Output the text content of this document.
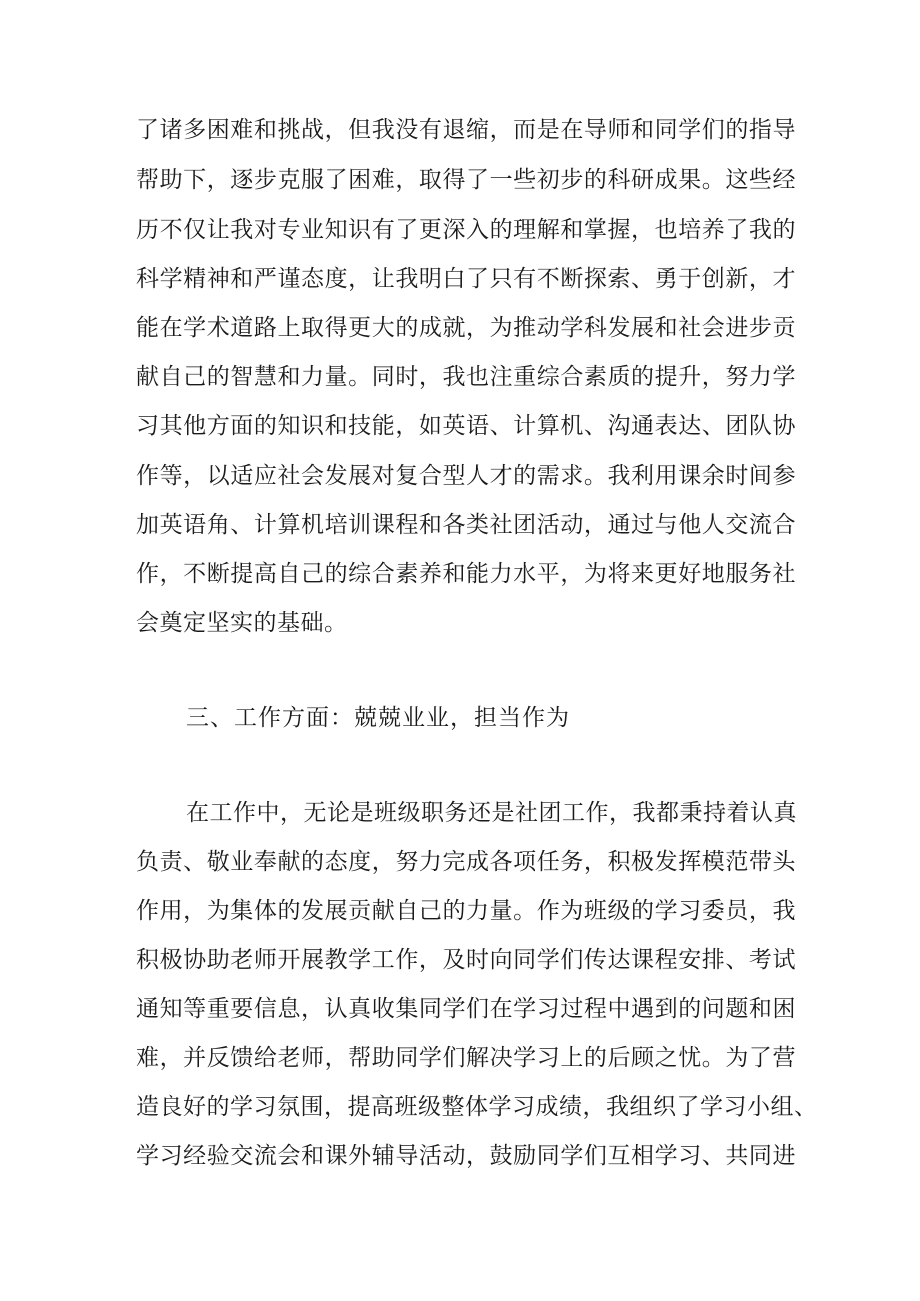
了诸多困难和挑战，但我没有退缩，而是在导师和同学们的指导
帮助下，逐步克服了困难，取得了一些初步的科研成果。这些经
历不仅让我对专业知识有了更深入的理解和掌握，也培养了我的
科学精神和严谨态度，让我明白了只有不断探索、勇于创新，才
能在学术道路上取得更大的成就，为推动学科发展和社会进步贡
献自己的智慧和力量。同时，我也注重综合素质的提升，努力学
习其他方面的知识和技能，如英语、计算机、沟通表达、团队协
作等，以适应社会发展对复合型人才的需求。我利用课余时间参
加英语角、计算机培训课程和各类社团活动，通过与他人交流合
作，不断提高自己的综合素养和能力水平，为将来更好地服务社
会奠定坚实的基础。
三、工作方面：兢兢业业，担当作为
在工作中，无论是班级职务还是社团工作，我都秉持着认真
负责、敬业奉献的态度，努力完成各项任务，积极发挥模范带头
作用，为集体的发展贡献自己的力量。作为班级的学习委员，我
积极协助老师开展教学工作，及时向同学们传达课程安排、考试
通知等重要信息，认真收集同学们在学习过程中遇到的问题和困
难，并反馈给老师，帮助同学们解决学习上的后顾之忧。为了营
造良好的学习氛围，提高班级整体学习成绩，我组织了学习小组、
学习经验交流会和课外辅导活动，鼓励同学们互相学习、共同进
